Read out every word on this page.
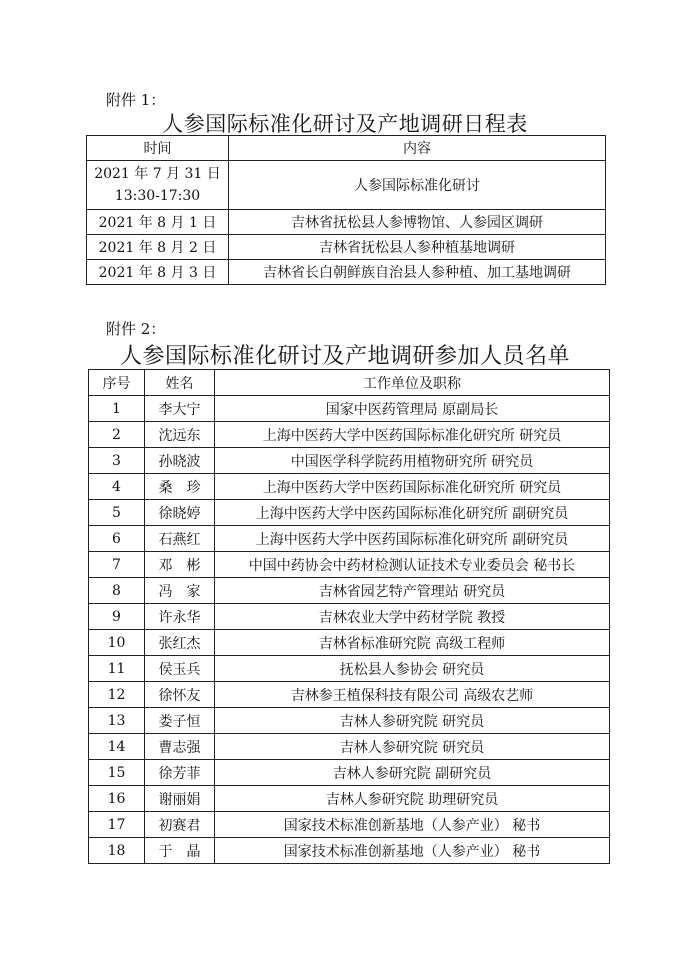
附件 1：
人参国际标准化研讨及产地调研日程表
时间	内容

2021 年 7 月 31 日
13:30-17:30	人参国际标准化研讨

2021 年 8 月 1 日	吉林省抚松县人参博物馆、人参园区调研

2021 年 8 月 2 日	吉林省抚松县人参种植基地调研

2021 年 8 月 3 日	吉林省长白朝鲜族自治县人参种植、加工基地调研
附件 2：
人参国际标准化研讨及产地调研参加人员名单
序号	姓名	工作单位及职称
1	李大宁	国家中医药管理局 原副局长
2	沈远东	上海中医药大学中医药国际标准化研究所 研究员
3	孙晓波	中国医学科学院药用植物研究所 研究员
4	桑　珍	上海中医药大学中医药国际标准化研究所 研究员
5	徐晓婷	上海中医药大学中医药国际标准化研究所 副研究员
6	石燕红	上海中医药大学中医药国际标准化研究所 副研究员
7	邓　彬	中国中药协会中药材检测认证技术专业委员会 秘书长
8	冯　家	吉林省园艺特产管理站 研究员
9	许永华	吉林农业大学中药材学院 教授
10	张红杰	吉林省标准研究院 高级工程师
11	侯玉兵	抚松县人参协会 研究员
12	徐怀友	吉林参王植保科技有限公司 高级农艺师
13	娄子恒	吉林人参研究院 研究员
14	曹志强	吉林人参研究院 研究员
15	徐芳菲	吉林人参研究院 副研究员
16	谢丽娟	吉林人参研究院 助理研究员
17	初赛君	国家技术标准创新基地（人参产业） 秘书
18	于　晶	国家技术标准创新基地（人参产业） 秘书
